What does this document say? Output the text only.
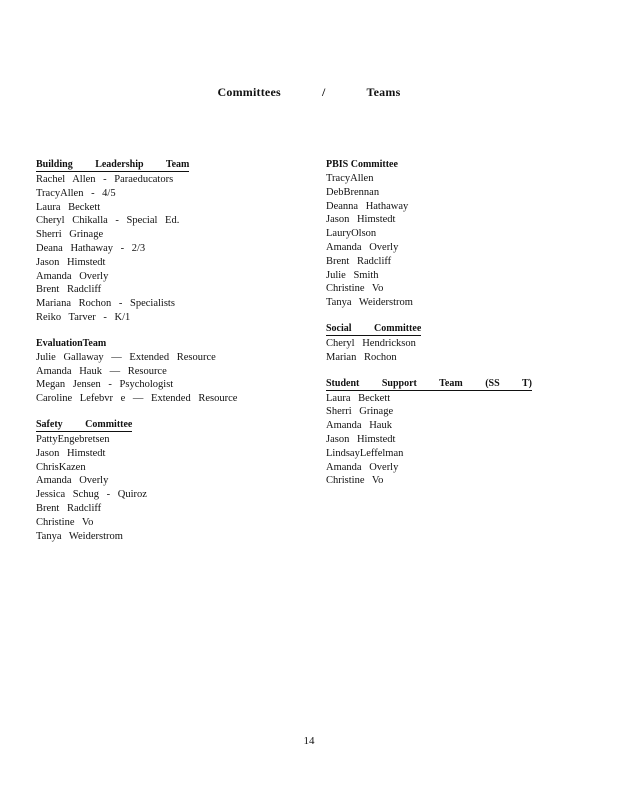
Committees / Teams
Building Leadership Team
Rachel Allen - Paraeducators
TracyAllen - 4/5
Laura Beckett
Cheryl Chikalla - Special Ed.
Sherri Grinage
Deana Hathaway - 2/3
Jason Himstedt
Amanda Overly
Brent Radcliff
Mariana Rochon - Specialists
Reiko Tarver - K/1
EvaluationTeam
Julie Gallaway — Extended Resource
Amanda Hauk — Resource
Megan Jensen - Psychologist
Caroline Lefebvr e — Extended Resource
Safety Committee
PattyEngebretsen
Jason Himstedt
ChrisKazen
Amanda Overly
Jessica Schug - Quiroz
Brent Radcliff
Christine Vo
Tanya Weiderstrom
PBIS Committee
TracyAllen
DebBrennan
Deanna Hathaway
Jason Himstedt
LauryOlson
Amanda Overly
Brent Radcliff
Julie Smith
Christine Vo
Tanya Weiderstrom
Social Committee
Cheryl Hendrickson
Marian Rochon
Student Support Team (SS T)
Laura Beckett
Sherri Grinage
Amanda Hauk
Jason Himstedt
LindsayLeffelman
Amanda Overly
Christine Vo
14
